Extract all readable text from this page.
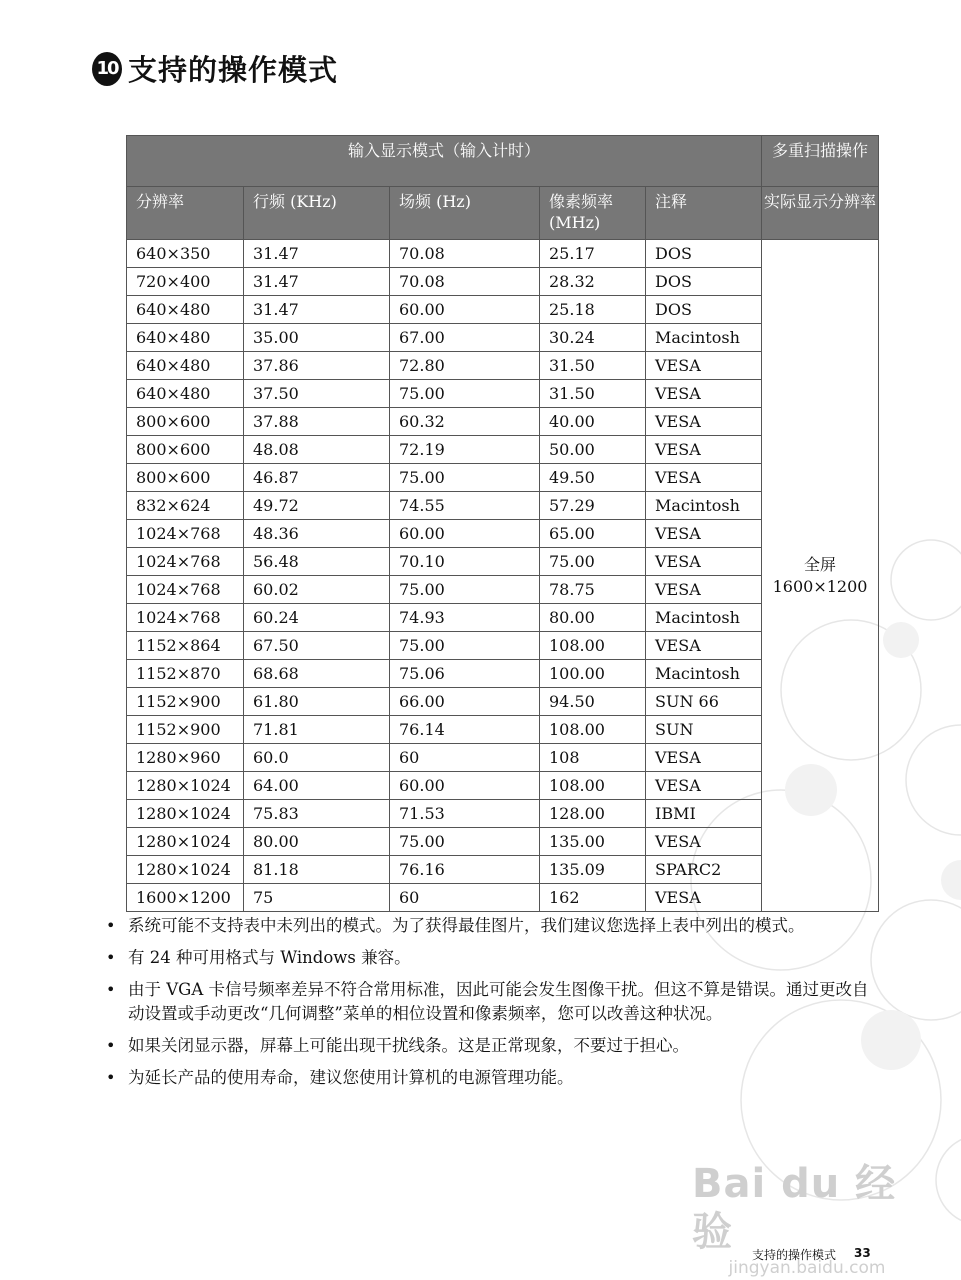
10 支持的操作模式
输入显示模式（输入计时）					多重扫描操作
分辨率	行频 (KHz)	场频 (Hz)	像素频率 (MHz)	注释	实际显示分辨率
640×350	31.47	70.08	25.17	DOS	全屏
1600×1200

720×400	31.47	70.08	28.32	DOS	
640×480	31.47	60.00	25.18	DOS	
640×480	35.00	67.00	30.24	Macintosh	
640×480	37.86	72.80	31.50	VESA	
640×480	37.50	75.00	31.50	VESA	
800×600	37.88	60.32	40.00	VESA	
800×600	48.08	72.19	50.00	VESA	
800×600	46.87	75.00	49.50	VESA	
832×624	49.72	74.55	57.29	Macintosh	
1024×768	48.36	60.00	65.00	VESA	
1024×768	56.48	70.10	75.00	VESA	
1024×768	60.02	75.00	78.75	VESA	
1024×768	60.24	74.93	80.00	Macintosh	
1152×864	67.50	75.00	108.00	VESA	
1152×870	68.68	75.06	100.00	Macintosh	
1152×900	61.80	66.00	94.50	SUN 66	
1152×900	71.81	76.14	108.00	SUN	
1280×960	60.0	60	108	VESA	
1280×1024	64.00	60.00	108.00	VESA	
1280×1024	75.83	71.53	128.00	IBMI	
1280×1024	80.00	75.00	135.00	VESA	
1280×1024	81.18	76.16	135.09	SPARC2	
1600×1200	75	60	162	VESA	
• 系统可能不支持表中未列出的模式。为了获得最佳图片，我们建议您选择上表中列出的模式。
• 有 24 种可用格式与 Windows 兼容。
• 由于 VGA 卡信号频率差异不符合常用标准，因此可能会发生图像干扰。但这不算是错误。通过更改自动设置或手动更改“几何调整”菜单的相位设置和像素频率，您可以改善这种状况。
• 如果关闭显示器，屏幕上可能出现干扰线条。这是正常现象，不要过于担心。
• 为延长产品的使用寿命，建议您使用计算机的电源管理功能。
Bai du 经验
jingyan.baidu.com
支持的操作模式 33
